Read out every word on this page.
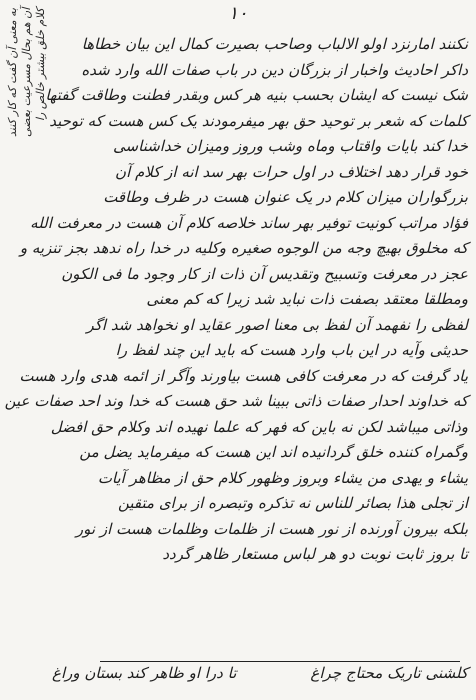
١٠
به معنی آن گفت که کار کنند آن هم بحال مسرعیت بعضی کلام خلق بیشتر خالص را	نکنند امارنزد اولو الالباب وصاحب بصیرت کمال این بیان خطاها
داکر احادیث واخبار از بزرگان دین در باب صفات الله وارد شده
شک نیست که ایشان بحسب بنیه هر کس وبقدر فطنت وطاقت گفتها
کلمات که شعر بر توحید حق بهر میفرمودند یک کس هست که توحید
خدا کند بایات واقتاب وماه وشب وروز ومیزان خداشناسی
خود قرار دهد اختلاف در اول حرات بهر سد انه از کلام آن
بزرگواران میزان کلام در یک عنوان هست در ظرف وطاقت
فؤاد مراتب کونیت توفیر بهر ساند خلاصه کلام آن هست در معرفت الله
که مخلوق بهیچ وجه من الوجوه صغیره وکلیه در خدا راه ندهد بجز تنزیه و
عجز در معرفت وتسبیح وتقدیس آن ذات از کار وجود ما فی الکون
ومطلقا معتقد بصفت ذات نباید شد زیرا که کم معنی
لفظی را نفهمد آن لفظ بی معنا اصور عقاید او نخواهد شد اگر
حدیثی وآیه در این باب وارد هست که باید این چند لفظ را
یاد گرفت که در معرفت کافی هست بیاورند وآگر از ائمه هدی وارد هست
که خداوند احدار صفات ذاتی ببینا شد حق هست که خدا وند احد صفات عین
وذاتی میباشد لکن نه باین که فهر که علما نهیده اند وکلام حق افضل
وگمراه کننده خلق گردانیده اند این هست که میفرماید یضل من
یشاء و یهدی من یشاء وبروز وظهور کلام حق از مظاهر آیات
از تجلی هذا بصائر للناس نه تذکره وتبصره از برای متقین
بلکه بیرون آورنده از نور هست از ظلمات وظلمات هست از نور
تا بروز ثابت نوبت دو هر لباس مستعار ظاهر گردد
کلشنی تاریک محتاج چراغ
تا درا او ظاهر کند بستان وراغ
